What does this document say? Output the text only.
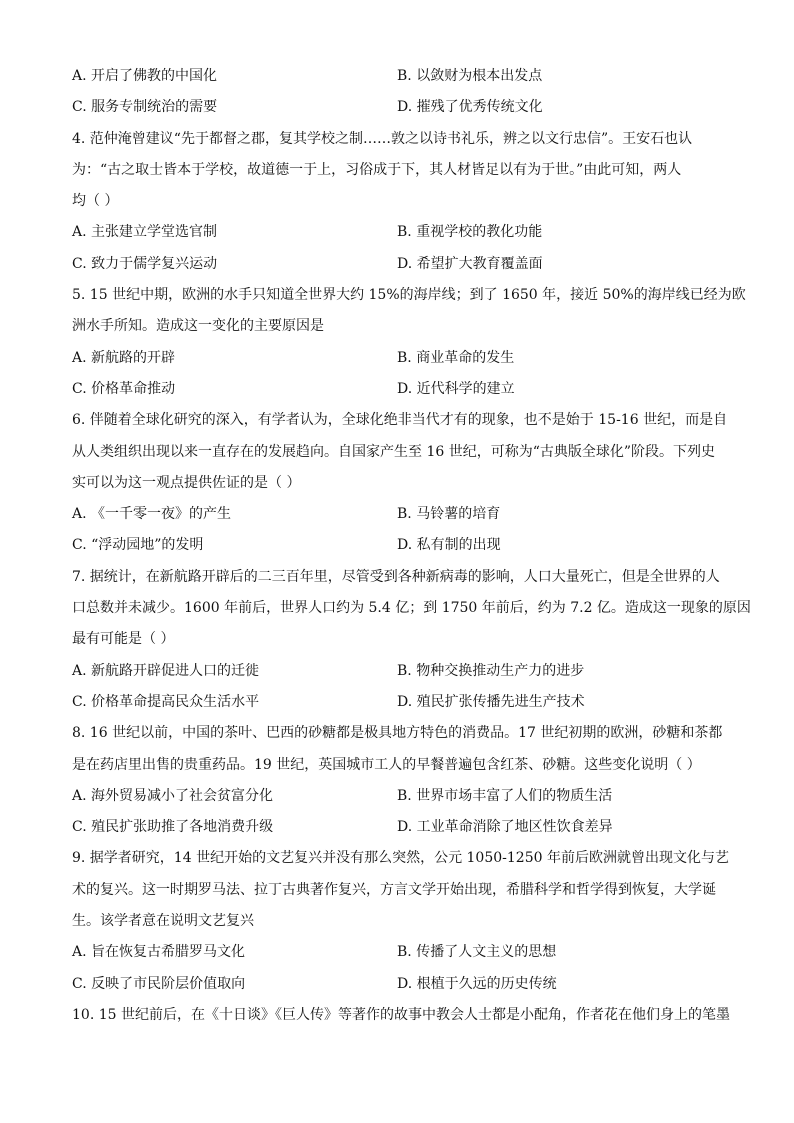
A. 开启了佛教的中国化	B. 以敛财为根本出发点
C. 服务专制统治的需要	D. 摧残了优秀传统文化
4. 范仲淹曾建议“先于都督之郡，复其学校之制……敦之以诗书礼乐，辨之以文行忠信”。王安石也认
为：“古之取士皆本于学校，故道德一于上，习俗成于下，其人材皆足以有为于世。”由此可知，两人
均（ ）
A. 主张建立学堂选官制	B. 重视学校的教化功能
C. 致力于儒学复兴运动	D. 希望扩大教育覆盖面
5. 15 世纪中期，欧洲的水手只知道全世界大约 15%的海岸线；到了 1650 年，接近 50%的海岸线已经为欧
洲水手所知。造成这一变化的主要原因是
A. 新航路的开辟	B. 商业革命的发生
C. 价格革命推动	D. 近代科学的建立
6. 伴随着全球化研究的深入，有学者认为，全球化绝非当代才有的现象，也不是始于 15-16 世纪，而是自
从人类组织出现以来一直存在的发展趋向。自国家产生至 16 世纪，可称为“古典版全球化”阶段。下列史
实可以为这一观点提供佐证的是（ ）
A. 《一千零一夜》的产生	B. 马铃薯的培育
C. “浮动园地”的发明	D. 私有制的出现
7. 据统计，在新航路开辟后的二三百年里，尽管受到各种新病毒的影响，人口大量死亡，但是全世界的人
口总数并未减少。1600 年前后，世界人口约为 5.4 亿；到 1750 年前后，约为 7.2 亿。造成这一现象的原因
最有可能是（ ）
A. 新航路开辟促进人口的迁徙	B. 物种交换推动生产力的进步
C. 价格革命提高民众生活水平	D. 殖民扩张传播先进生产技术
8. 16 世纪以前，中国的茶叶、巴西的砂糖都是极具地方特色的消费品。17 世纪初期的欧洲，砂糖和茶都
是在药店里出售的贵重药品。19 世纪，英国城市工人的早餐普遍包含红茶、砂糖。这些变化说明（ ）
A. 海外贸易减小了社会贫富分化	B. 世界市场丰富了人们的物质生活
C. 殖民扩张助推了各地消费升级	D. 工业革命消除了地区性饮食差异
9. 据学者研究，14 世纪开始的文艺复兴并没有那么突然，公元 1050-1250 年前后欧洲就曾出现文化与艺
术的复兴。这一时期罗马法、拉丁古典著作复兴，方言文学开始出现，希腊科学和哲学得到恢复，大学诞
生。该学者意在说明文艺复兴
A. 旨在恢复古希腊罗马文化	B. 传播了人文主义的思想
C. 反映了市民阶层价值取向	D. 根植于久远的历史传统
10. 15 世纪前后，在《十日谈》《巨人传》等著作的故事中教会人士都是小配角，作者花在他们身上的笔墨
